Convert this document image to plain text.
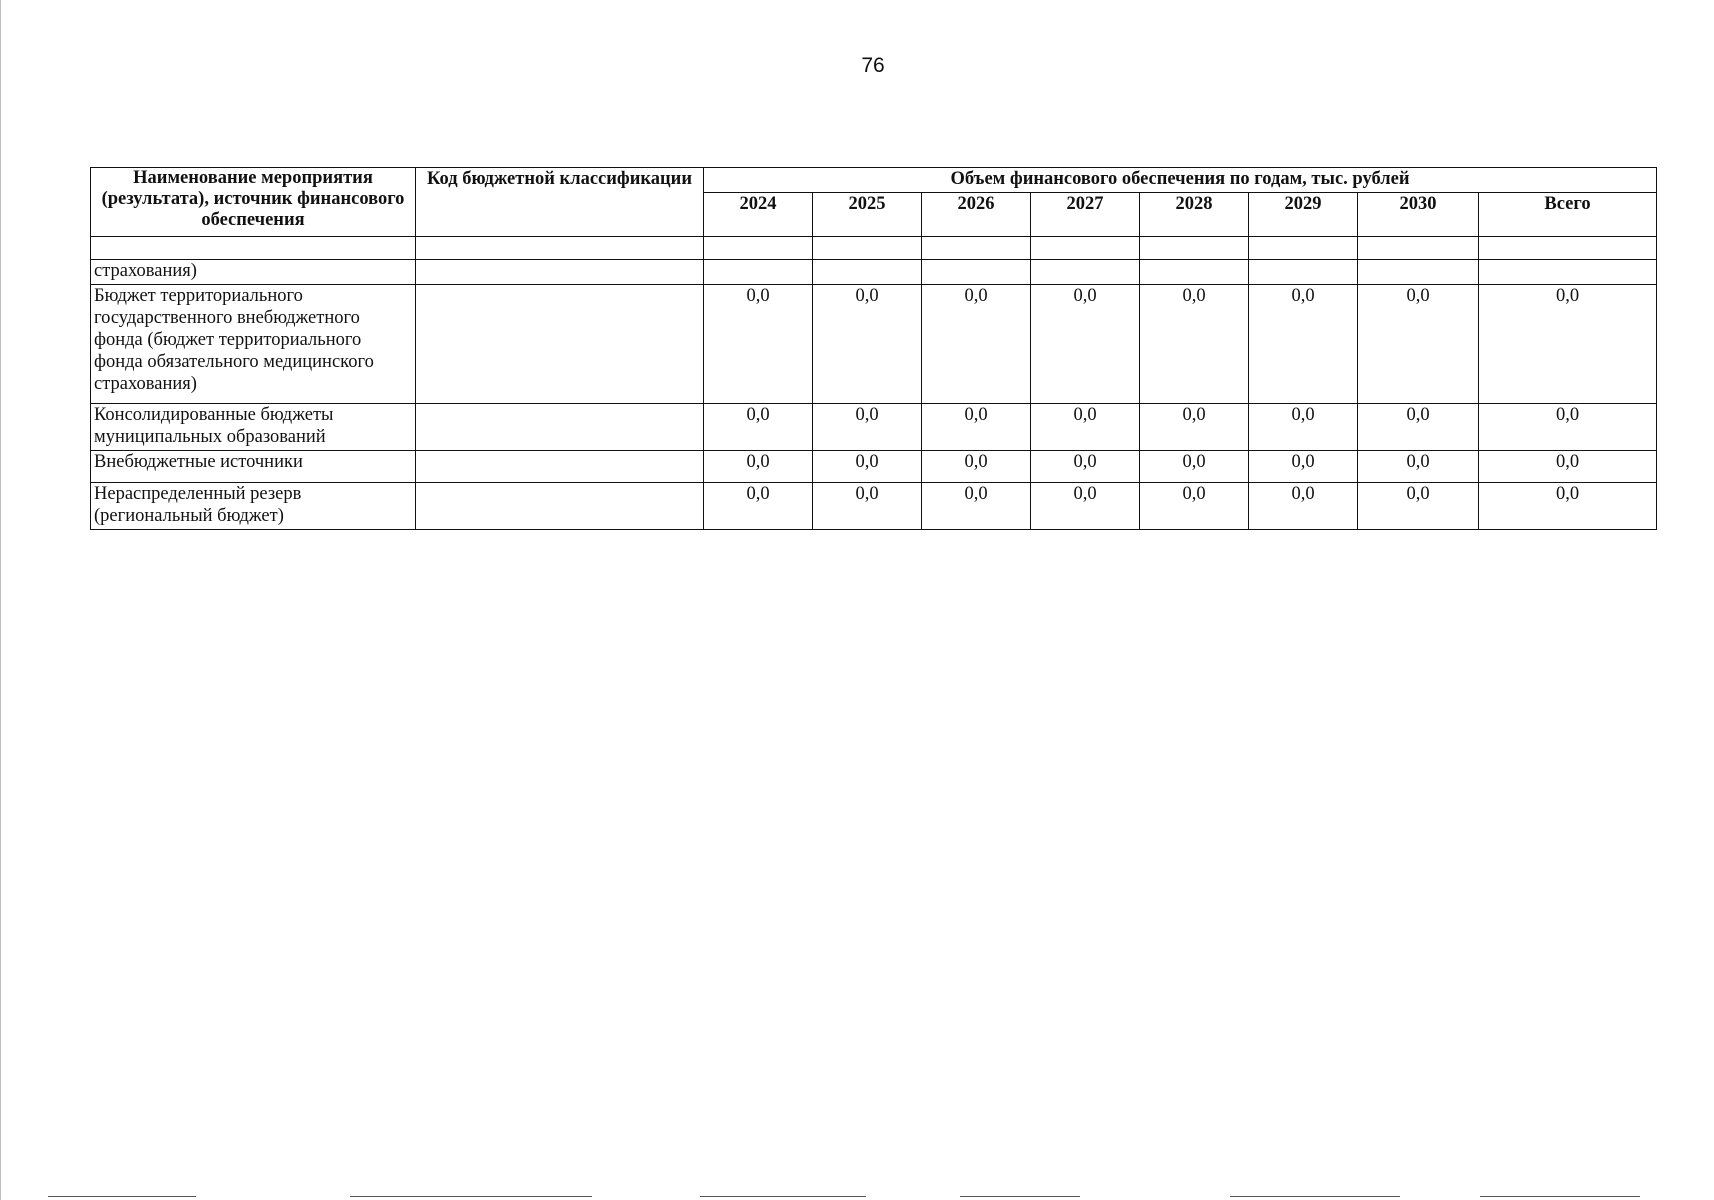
76
Наименование мероприятия (результата), источник финансового обеспечения	Код бюджетной классификации	Объем финансового обеспечения по годам, тыс. рублей							
		2024	2025	2026	2027	2028	2029	2030	Всего

страхования)									
Бюджет территориального государственного внебюджетного фонда (бюджет территориального фонда обязательного медицинского страхования)		0,0	0,0	0,0	0,0	0,0	0,0	0,0	0,0
Консолидированные бюджеты муниципальных образований		0,0	0,0	0,0	0,0	0,0	0,0	0,0	0,0
Внебюджетные источники		0,0	0,0	0,0	0,0	0,0	0,0	0,0	0,0
Нераспределенный резерв (региональный бюджет)		0,0	0,0	0,0	0,0	0,0	0,0	0,0	0,0
